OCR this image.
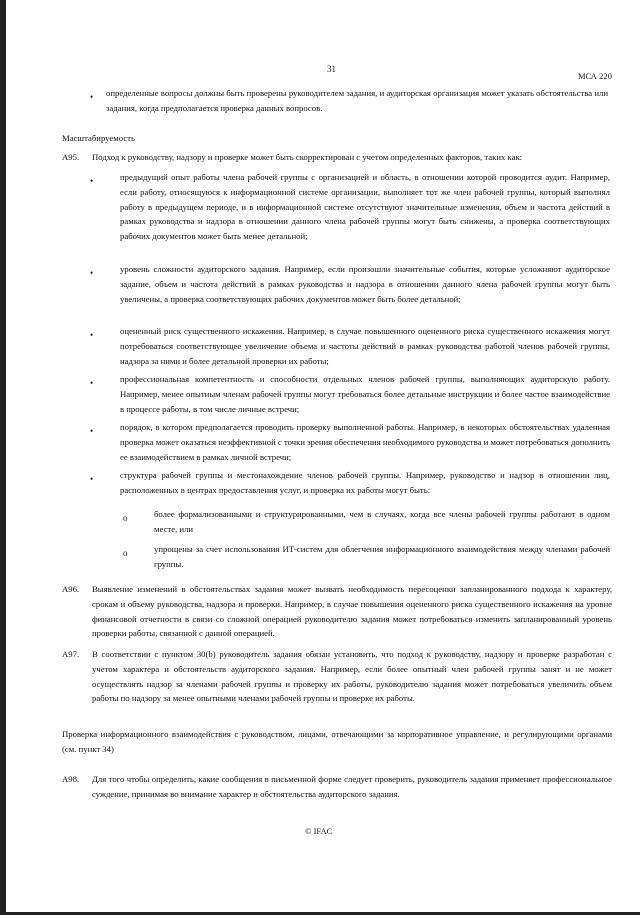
31
МСА 220
• определенные вопросы должны быть проверены руководителем задания, и аудиторская организация может указать обстоятельства или задания, когда предполагается проверка данных вопросов.
Масштабируемость
A95. Подход к руководству, надзору и проверке может быть скорректирован с учетом определенных факторов, таких как:
•	предыдущий опыт работы члена рабочей группы с организацией и область, в отношении которой проводится аудит. Например, если работу, относящуюся к информационной системе организации, выполняет тот же член рабочей группы, который выполнял работу в предыдущем периоде, и в информационной системе отсутствуют значительные изменения, объем и частота действий в рамках руководства и надзора в отношении данного члена рабочей группы могут быть снижены, а проверка соответствующих рабочих документов может быть менее детальной;
•	уровень сложности аудиторского задания. Например, если произошли значительные события, которые усложняют аудиторское задание, объем и частота действий в рамках руководства и надзора в отношении данного члена рабочей группы могут быть увеличены, а проверка соответствующих рабочих документов может быть более детальной;
•	оцененный риск существенного искажения. Например, в случае повышенного оцененного риска существенного искажения могут потребоваться соответствующее увеличение объема и частоты действий в рамках руководства работой членов рабочей группы, надзора за ними и более детальной проверки их работы;
•	профессиональная компетентность и способности отдельных членов рабочей группы, выполняющих аудиторскую работу. Например, менее опытным членам рабочей группы могут требоваться более детальные инструкции и более частое взаимодействие в процессе работы, в том числе личные встречи;
•	порядок, в котором предполагается проводить проверку выполненной работы. Например, в некоторых обстоятельствах удаленная проверка может оказаться неэффективной с точки зрения обеспечения необходимого руководства и может потребоваться дополнить ее взаимодействием в рамках личной встречи;
•	структура рабочей группы и местонахождение членов рабочей группы. Например, руководство и надзор в отношении лиц, расположенных в центрах предоставления услуг, и проверка их работы могут быть:
o	более формализованными и структурированными, чем в случаях, когда все члены рабочей группы работают в одном месте, или
o	упрощены за счет использования ИТ-систем для облегчения информационного взаимодействия между членами рабочей группы.
A96. Выявление изменений в обстоятельствах задания может вызвать необходимость пересоценки запланированного подхода к характеру, срокам и объему руководства, надзора и проверки. Например, в случае повышения оцененного риска существенного искажения на уровне финансовой отчетности в связи со сложной операцией руководителю задания может потребоваться изменить запланированный уровень проверки работы, связанной с данной операцией.
A97. В соответствии с пунктом 30(b) руководитель задания обязан установить, что подход к руководству, надзору и проверке разработан с учетом характера и обстоятельств аудиторского задания. Например, если более опытный член рабочей группы занят и не может осуществлять надзор за членами рабочей группы и проверку их работы, руководителю задания может потребоваться увеличить объем работы по надзору за менее опытными членами рабочей группы и проверке их работы.
Проверка информационного взаимодействия с руководством, лицами, отвечающими за корпоративное управление, и регулирующими органами (см. пункт 34)
A98. Для того чтобы определить, какие сообщения в письменной форме следует проверить, руководитель задания применяет профессиональное суждение, принимая во внимание характер и обстоятельства аудиторского задания.
© IFAC
